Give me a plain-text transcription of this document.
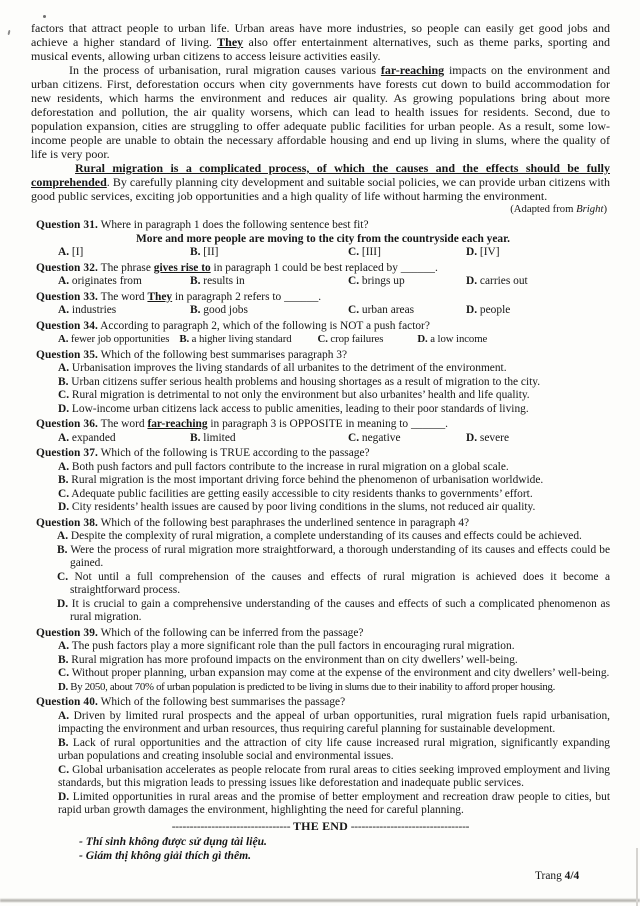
factors that attract people to urban life. Urban areas have more industries, so people can easily get good jobs and achieve a higher standard of living. They also offer entertainment alternatives, such as theme parks, sporting and musical events, allowing urban citizens to access leisure activities easily.

In the process of urbanisation, rural migration causes various far-reaching impacts on the environment and urban citizens. First, deforestation occurs when city governments have forests cut down to build accommodation for new residents, which harms the environment and reduces air quality. As growing populations bring about more deforestation and pollution, the air quality worsens, which can lead to health issues for residents. Second, due to population expansion, cities are struggling to offer adequate public facilities for urban people. As a result, some low-income people are unable to obtain the necessary affordable housing and end up living in slums, where the quality of life is very poor.

Rural migration is a complicated process, of which the causes and the effects should be fully comprehended. By carefully planning city development and suitable social policies, we can provide urban citizens with good public services, exciting job opportunities and a high quality of life without harming the environment.

(Adapted from Bright)
Question 31. Where in paragraph 1 does the following sentence best fit?
More and more people are moving to the city from the countryside each year.
A. [I]	B. [II]	C. [III]	D. [IV]
Question 32. The phrase gives rise to in paragraph 1 could be best replaced by ______.
A. originates from	B. results in	C. brings up	D. carries out
Question 33. The word They in paragraph 2 refers to ______.
A. industries	B. good jobs	C. urban areas	D. people
Question 34. According to paragraph 2, which of the following is NOT a push factor?
A. fewer job opportunities B. a higher living standard C. crop failures	D. a low income
Question 35. Which of the following best summarises paragraph 3?
A. Urbanisation improves the living standards of all urbanites to the detriment of the environment.
B. Urban citizens suffer serious health problems and housing shortages as a result of migration to the city.
C. Rural migration is detrimental to not only the environment but also urbanites’ health and life quality.
D. Low-income urban citizens lack access to public amenities, leading to their poor standards of living.
Question 36. The word far-reaching in paragraph 3 is OPPOSITE in meaning to ______.
A. expanded	B. limited	C. negative	D. severe
Question 37. Which of the following is TRUE according to the passage?
A. Both push factors and pull factors contribute to the increase in rural migration on a global scale.
B. Rural migration is the most important driving force behind the phenomenon of urbanisation worldwide.
C. Adequate public facilities are getting easily accessible to city residents thanks to governments’ effort.
D. City residents’ health issues are caused by poor living conditions in the slums, not reduced air quality.
Question 38. Which of the following best paraphrases the underlined sentence in paragraph 4?
A. Despite the complexity of rural migration, a complete understanding of its causes and effects could be achieved.
B. Were the process of rural migration more straightforward, a thorough understanding of its causes and effects could be gained.
C. Not until a full comprehension of the causes and effects of rural migration is achieved does it become a straightforward process.
D. It is crucial to gain a comprehensive understanding of the causes and effects of such a complicated phenomenon as rural migration.
Question 39. Which of the following can be inferred from the passage?
A. The push factors play a more significant role than the pull factors in encouraging rural migration.
B. Rural migration has more profound impacts on the environment than on city dwellers’ well-being.
C. Without proper planning, urban expansion may come at the expense of the environment and city dwellers’ well-being.
D. By 2050, about 70% of urban population is predicted to be living in slums due to their inability to afford proper housing.
Question 40. Which of the following best summarises the passage?
A. Driven by limited rural prospects and the appeal of urban opportunities, rural migration fuels rapid urbanisation, impacting the environment and urban resources, thus requiring careful planning for sustainable development.
B. Lack of rural opportunities and the attraction of city life cause increased rural migration, significantly expanding urban populations and creating insoluble social and environmental issues.
C. Global urbanisation accelerates as people relocate from rural areas to cities seeking improved employment and living standards, but this migration leads to pressing issues like deforestation and inadequate public services.
D. Limited opportunities in rural areas and the promise of better employment and recreation draw people to cities, but rapid urban growth damages the environment, highlighting the need for careful planning.
--------------------------------- THE END ---------------------------------
- Thí sinh không được sử dụng tài liệu.
- Giám thị không giải thích gì thêm.
Trang 4/4
